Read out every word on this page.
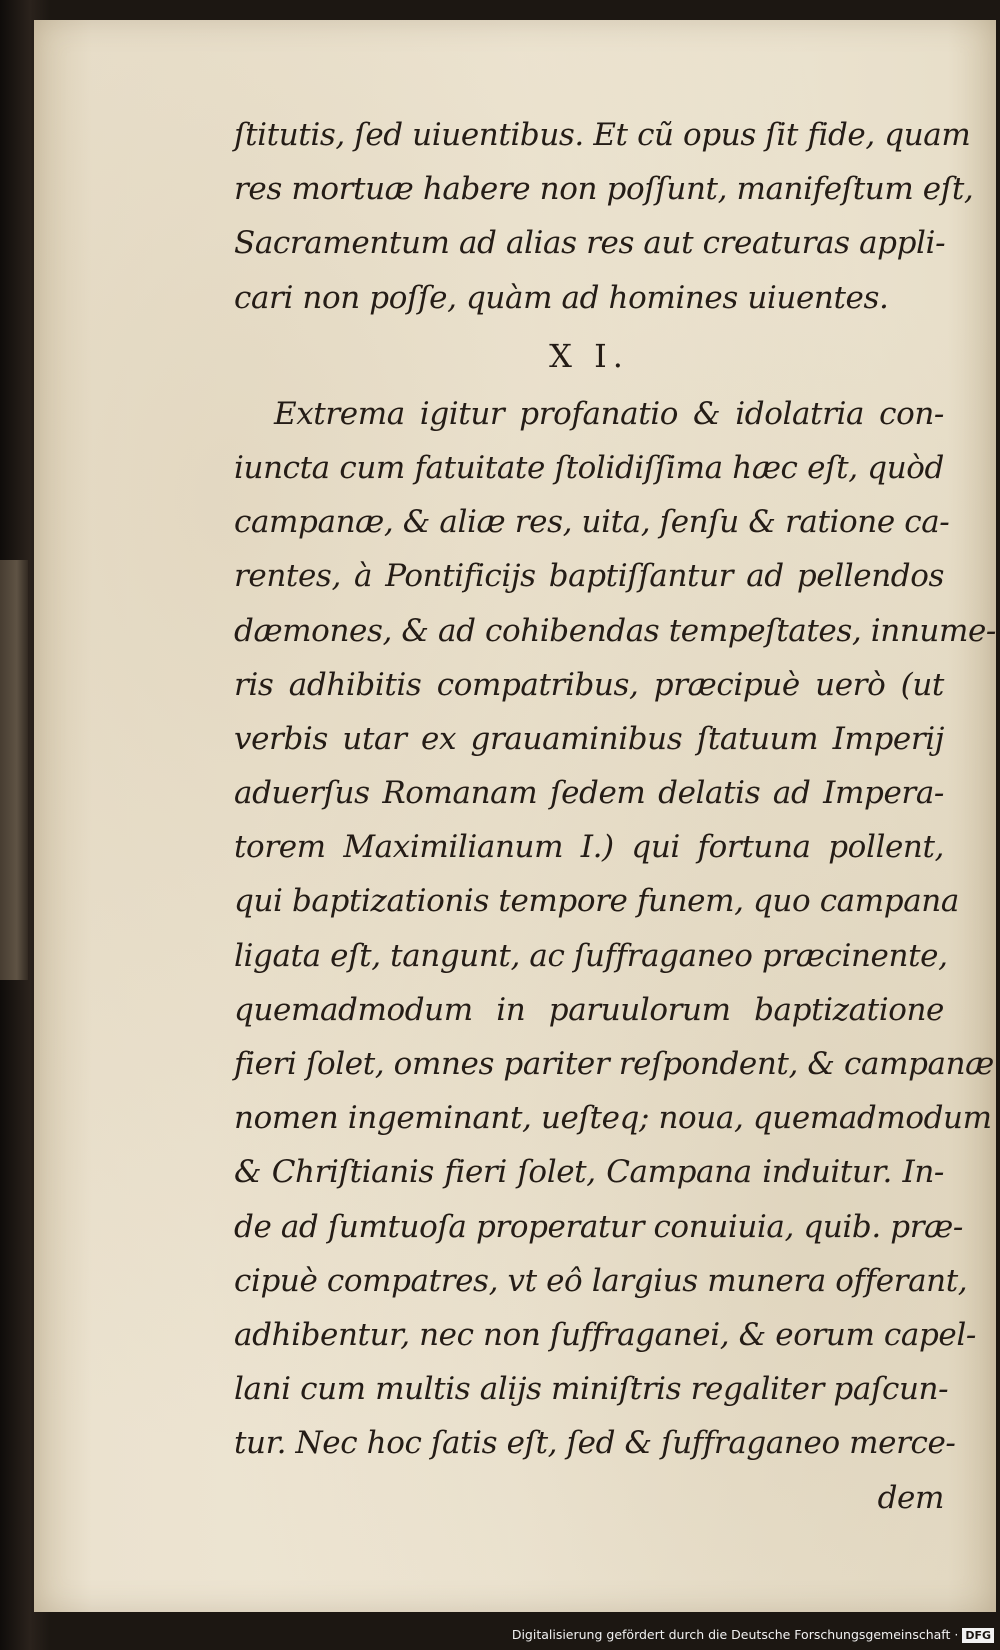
ſtitutis, ſed uiuentibus. Et cũ opus ſit fide, quam
res mortuæ habere non poſſunt, manifeſtum eſt,
Sacramentum ad alias res aut creaturas appli-
cari non poſſe, quàm ad homines uiuentes.
X I.
Extrema igitur profanatio & idolatria con-
iuncta cum fatuitate ſtolidiſſima hæc eſt, quòd
campanæ, & aliæ res, uita, ſenſu & ratione ca-
rentes, à Pontificijs baptiſſantur ad pellendos
dæmones, & ad cohibendas tempeſtates, innume-
ris adhibitis compatribus, præcipuè uerò (ut
verbis utar ex grauaminibus ſtatuum Imperij
aduerſus Romanam ſedem delatis ad Impera-
torem Maximilianum I.) qui fortuna pollent,
qui baptizationis tempore funem, quo campana
ligata eſt, tangunt, ac ſuffraganeo præcinente,
quemadmodum in paruulorum baptizatione
fieri ſolet, omnes pariter reſpondent, & campanæ
nomen ingeminant, ueſteq; noua, quemadmodum
& Chriſtianis fieri ſolet, Campana induitur. In-
de ad ſumtuoſa properatur conuiuia, quib. præ-
cipuè compatres, vt eô largius munera offerant,
adhibentur, nec non ſuffraganei, & eorum capel-
lani cum multis alijs miniſtris regaliter paſcun-
tur. Nec hoc ſatis eſt, ſed & ſuffraganeo merce-
dem
Digitalisierung gefördert durch die Deutsche Forschungsgemeinschaft · DFG
